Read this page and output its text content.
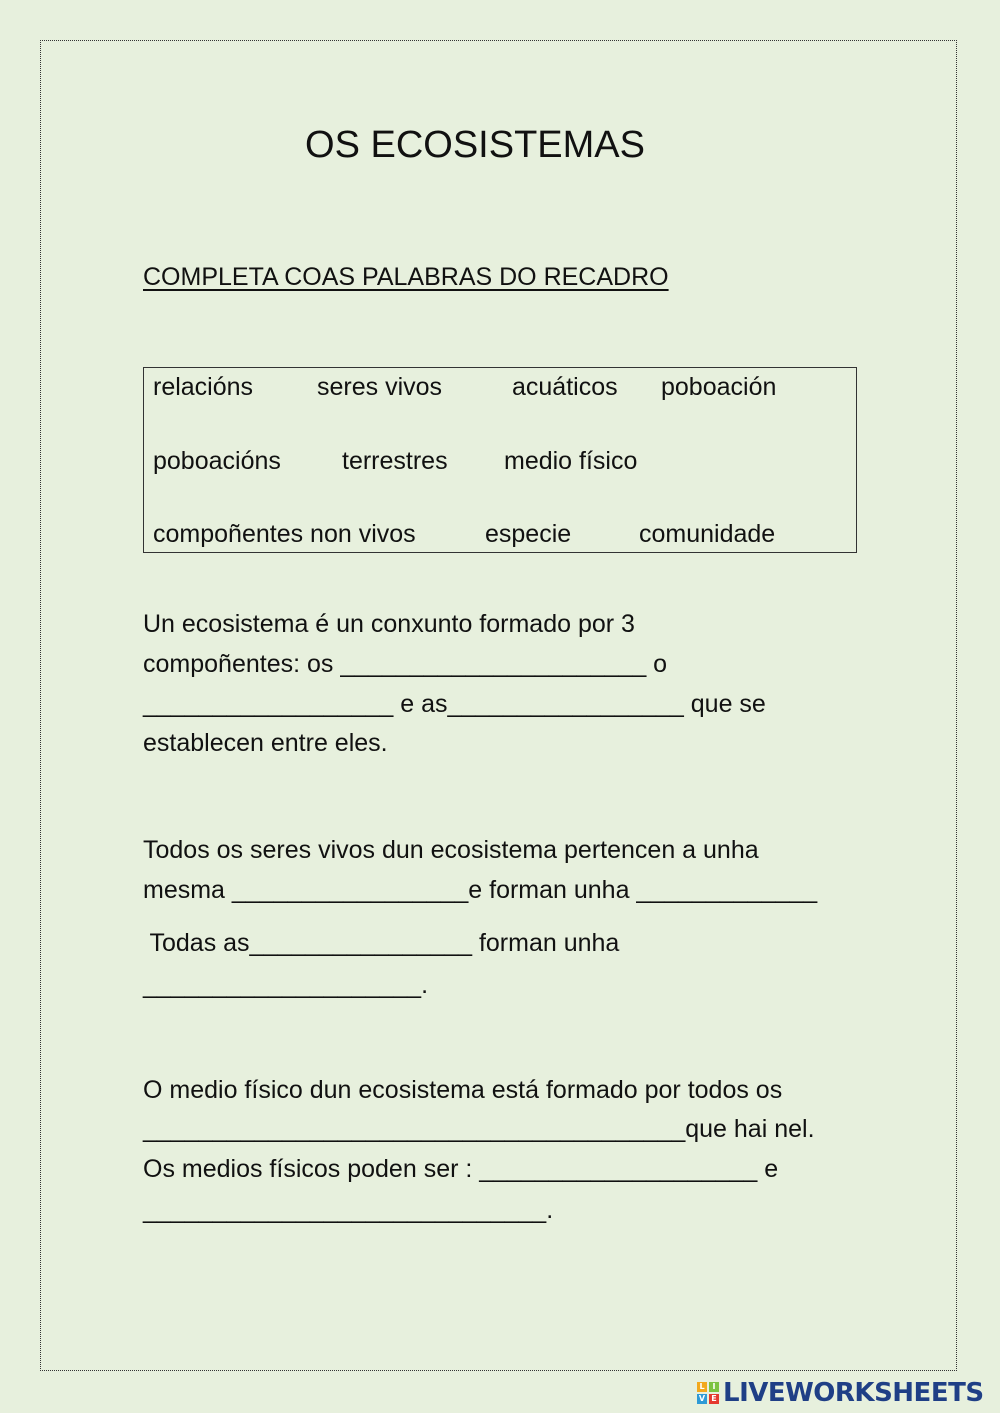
OS ECOSISTEMAS
COMPLETA COAS PALABRAS DO RECADRO
relacións	seres vivos	acuáticos poboación
poboacións terrestres medio físico
compoñentes non vivos	especie	comunidade
Un ecosistema é un conxunto formado por 3
compoñentes: os ______________________ o
__________________ e as_________________ que se
establecen entre eles.
Todos os seres vivos dun ecosistema pertencen a unha
mesma _________________e forman unha _____________
Todas as________________ forman unha
____________________.
O medio físico dun ecosistema está formado por todos os
_______________________________________que hai nel.
Os medios físicos poden ser : ____________________ e
_____________________________.
L I
V E LIVEWORKSHEETS
